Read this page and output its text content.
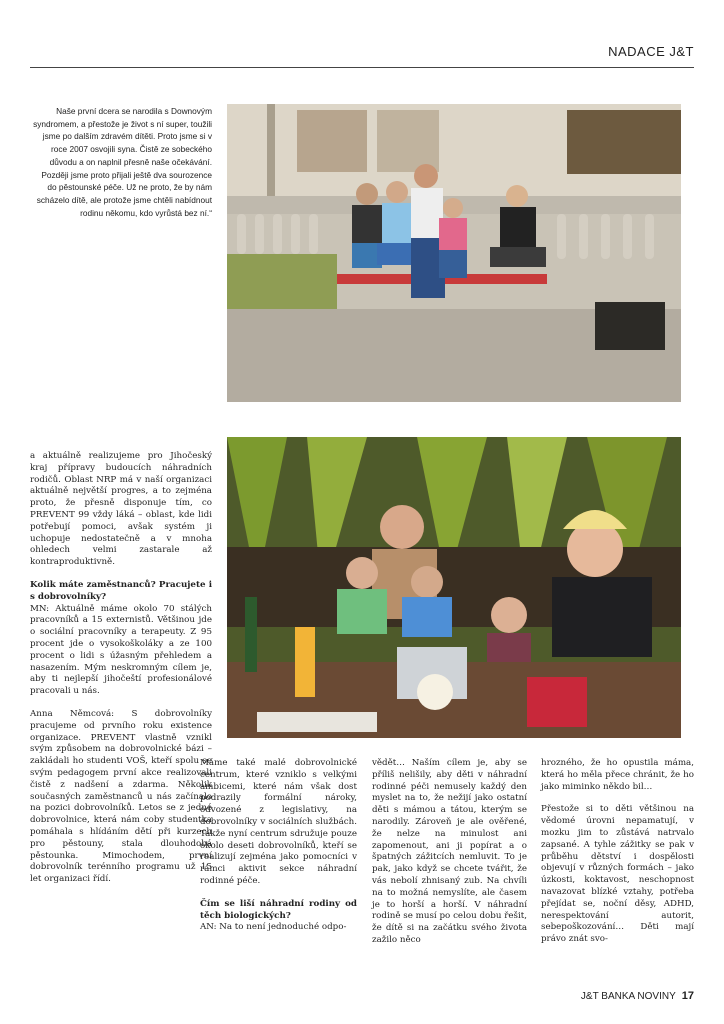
NADACE J&T
Naše první dcera se narodila s Downovým syndromem, a přestože je život s ní super, toužili jsme po dalším zdravém dítěti. Proto jsme si v roce 2007 osvojili syna. Čistě ze sobeckého důvodu a on naplnil přesně naše očekávání. Později jsme proto přijali ještě dva sourozence do pěstounské péče. Už ne proto, že by nám scházelo dítě, ale protože jsme chtěli nabídnout rodinu někomu, kdo vyrůstá bez ní.“

a aktuálně realizujeme pro Jihočeský kraj přípravy budoucích náhradních rodičů. Oblast NRP má v naší organizaci aktuálně největší progres, a to zejména proto, že přesně disponuje tím, co PREVENT 99 vždy láká – oblast, kde lidi potřebují pomoci, avšak systém ji uchopuje nedostatečně a v mnoha ohledech velmi zastarale až kontraproduktivně.

Kolik máte zaměstnanců? Pracujete i s dobrovolníky?

MN: Aktuálně máme okolo 70 stálých pracovníků a 15 externistů. Většinou jde o sociální pracovníky a terapeuty. Z 95 procent jde o vysokoškoláky a ze 100 procent o lidi s úžasným přehledem a nasazením. Mým neskromným cílem je, aby ti nejlepší jihočeští profesionálové pracovali u nás.

Anna Němcová: S dobrovolníky pracujeme od prvního roku existence organizace. PREVENT vlastně vznikl svým způsobem na dobrovolnické bázi – zakládali ho studenti VOŠ, kteří spolu se svým pedagogem první akce realizovali čistě z nadšení a zdarma. Několik současných zaměstnanců u nás začínalo na pozici dobrovolníků. Letos se z jedné dobrovolnice, která nám coby studentka pomáhala s hlídáním dětí při kurzech pro pěstouny, stala dlouhodobá pěstounka. Mimochodem, první dobrovolník terénního programu už 15 let organizaci řídí.

Máme také malé dobrovolnické centrum, které vzniklo s velkými ambicemi, které nám však dost podrazily formální nároky, odvozené z legislativy, na dobrovolníky v sociálních službách. Takže nyní centrum sdružuje pouze okolo deseti dobrovolníků, kteří se realizují zejména jako pomocníci v rámci aktivit sekce náhradní rodinné péče.

Čím se liší náhradní rodiny od těch biologických?

AN: Na to není jednoduché odpo-

vědět… Naším cílem je, aby se příliš nelišily, aby děti v náhradní rodinné péči nemusely každý den myslet na to, že nežijí jako ostatní děti s mámou a tátou, kterým se narodily. Zároveň je ale ověřené, že nelze na minulost ani zapomenout, ani ji popírat a o špatných zážitcích nemluvit. To je pak, jako když se chcete tvářit, že vás nebolí zhnisaný zub. Na chvíli na to možná nemyslíte, ale časem je to horší a horší. V náhradní rodině se musí po celou dobu řešit, že dítě si na začátku svého života zažilo něco

hrozného, že ho opustila máma, která ho měla přece chránit, že ho jako miminko někdo bil…

Přestože si to děti většinou na vědomé úrovni nepamatují, v mozku jim to zůstává natrvalo zapsané. A tyhle zážitky se pak v průběhu dětství i dospělosti objevují v různých formách – jako úzkosti, koktavost, neschopnost navazovat blízké vztahy, potřeba přejídat se, noční děsy, ADHD, nerespektování autorit, sebepoškozování… Děti mají právo znát svo-

J&T BANKA NOVINY 17
